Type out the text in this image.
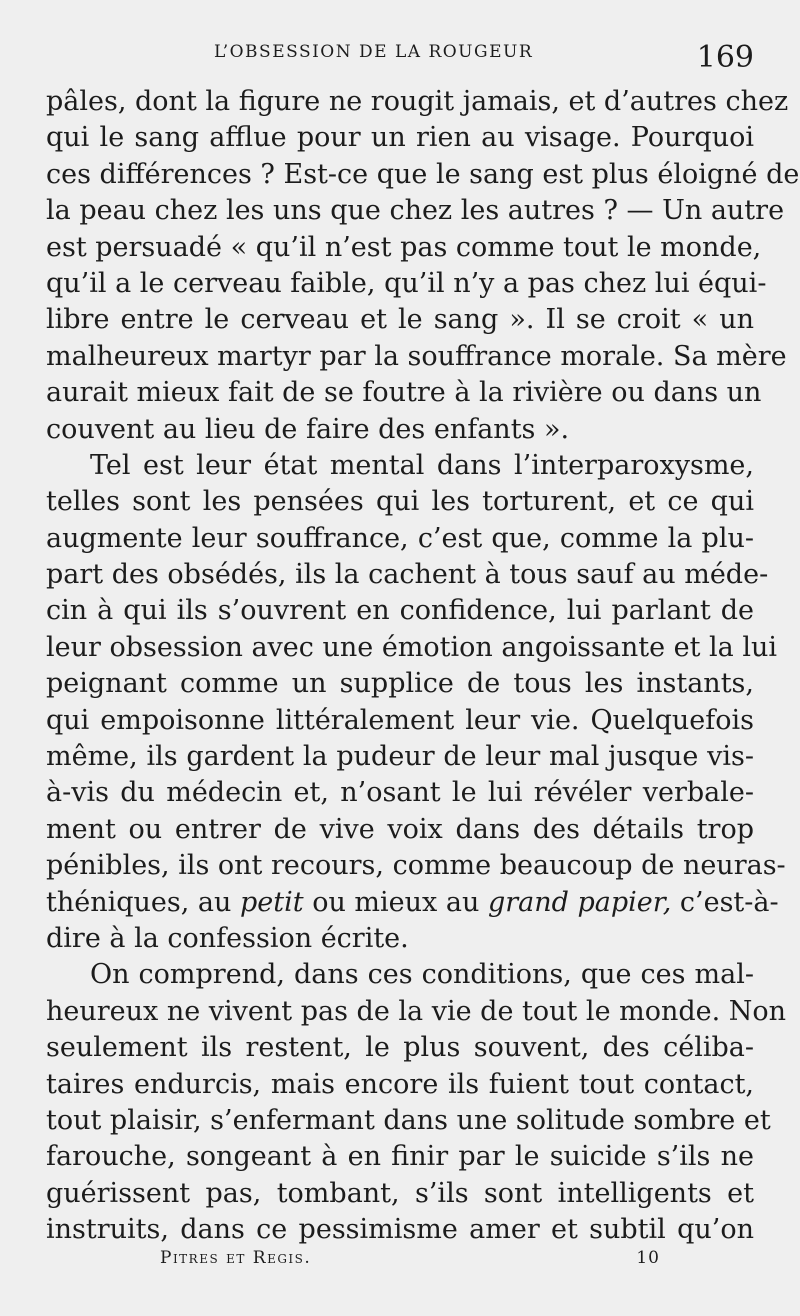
L’OBSESSION DE LA ROUGEUR	169
pâles, dont la figure ne rougit jamais, et d’autres chez
qui le sang afflue pour un rien au visage. Pourquoi
ces différences ? Est-ce que le sang est plus éloigné de
la peau chez les uns que chez les autres ? — Un autre
est persuadé « qu’il n’est pas comme tout le monde,
qu’il a le cerveau faible, qu’il n’y a pas chez lui équi-
libre entre le cerveau et le sang ». Il se croit « un
malheureux martyr par la souffrance morale. Sa mère
aurait mieux fait de se foutre à la rivière ou dans un
couvent au lieu de faire des enfants ».
Tel est leur état mental dans l’interparoxysme,
telles sont les pensées qui les torturent, et ce qui
augmente leur souffrance, c’est que, comme la plu-
part des obsédés, ils la cachent à tous sauf au méde-
cin à qui ils s’ouvrent en confidence, lui parlant de
leur obsession avec une émotion angoissante et la lui
peignant comme un supplice de tous les instants,
qui empoisonne littéralement leur vie. Quelquefois
même, ils gardent la pudeur de leur mal jusque vis-
à-vis du médecin et, n’osant le lui révéler verbale-
ment ou entrer de vive voix dans des détails trop
pénibles, ils ont recours, comme beaucoup de neuras-
théniques, au petit ou mieux au grand papier, c’est-à-
dire à la confession écrite.
On comprend, dans ces conditions, que ces mal-
heureux ne vivent pas de la vie de tout le monde. Non
seulement ils restent, le plus souvent, des céliba-
taires endurcis, mais encore ils fuient tout contact,
tout plaisir, s’enfermant dans une solitude sombre et
farouche, songeant à en finir par le suicide s’ils ne
guérissent pas, tombant, s’ils sont intelligents et
instruits, dans ce pessimisme amer et subtil qu’on
Pitres et Regis.	10
